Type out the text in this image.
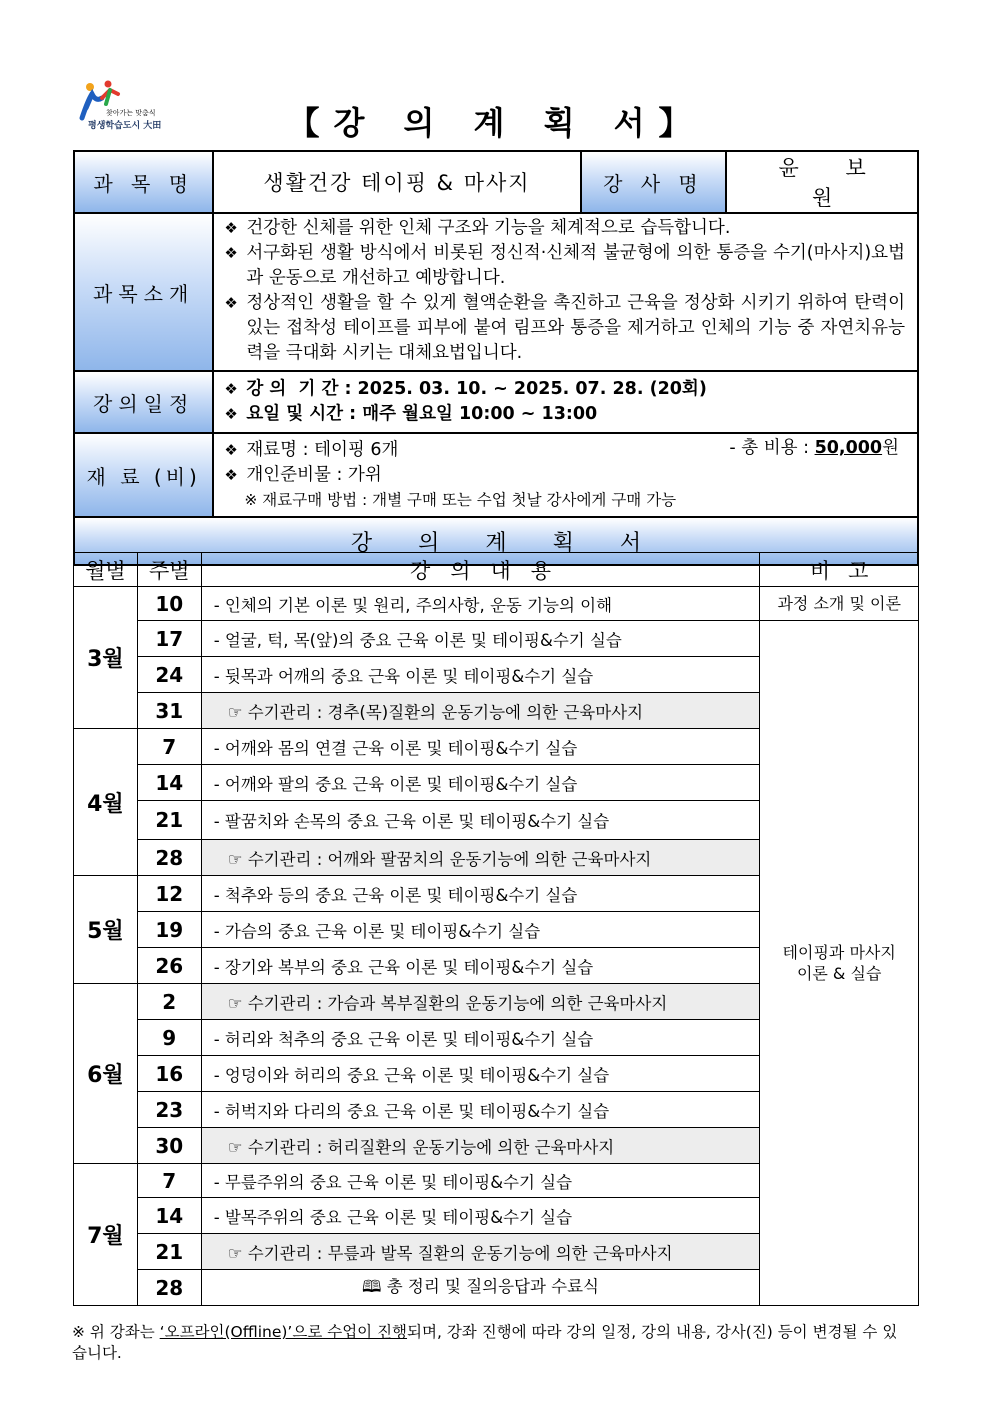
찾아가는 맞춤식
평생학습도시 大田	【강 의 계 획 서】
과 목 명	생활건강 테이핑 & 마사지	강 사 명	윤 보 원
과목소개	❖ 건강한 신체를 위한 인체 구조와 기능을 체계적으로 습득합니다.
❖ 서구화된 생활 방식에서 비롯된 정신적·신체적 불균형에 의한 통증을 수기(마사지)요법과 운동으로 개선하고 예방합니다.
❖ 정상적인 생활을 할 수 있게 혈액순환을 촉진하고 근육을 정상화 시키기 위하여 탄력이 있는 접착성 테이프를 피부에 붙여 림프와 통증을 제거하고 인체의 기능 중 자연치유능력을 극대화 시키는 대체요법입니다.

강의일정	❖ 강 의  기 간 : 2025. 03. 10. ~ 2025. 07. 28. (20회)
❖ 요일 및 시간 : 매주 월요일 10:00 ~ 13:00

재 료 (비)	❖ 재료명 : 테이핑 6개 - 총 비용 : 50,000원
❖ 개인준비물 : 가위
※ 재료구매 방법 : 개별 구매 또는 수업 첫날 강사에게 구매 가능

강의계획서			
월별	주별	강의내용	비고
3월	10	- 인체의 기본 이론 및 원리, 주의사항, 운동 기능의 이해	과정 소개 및 이론
	17	- 얼굴, 턱, 목(앞)의 중요 근육 이론 및 테이핑&수기 실습	테이핑과 마사지
이론 & 실습

	24	- 뒷목과 어깨의 중요 근육 이론 및 테이핑&수기 실습	
	31	☞ 수기관리 : 경추(목)질환의 운동기능에 의한 근육마사지	
4월	7	- 어깨와 몸의 연결 근육 이론 및 테이핑&수기 실습	
	14	- 어깨와 팔의 중요 근육 이론 및 테이핑&수기 실습	
	21	- 팔꿈치와 손목의 중요 근육 이론 및 테이핑&수기 실습	
	28	☞ 수기관리 : 어깨와 팔꿈치의 운동기능에 의한 근육마사지	
5월	12	- 척추와 등의 중요 근육 이론 및 테이핑&수기 실습	
	19	- 가슴의 중요 근육 이론 및 테이핑&수기 실습	
	26	- 장기와 복부의 중요 근육 이론 및 테이핑&수기 실습	
6월	2	☞ 수기관리 : 가슴과 복부질환의 운동기능에 의한 근육마사지	
	9	- 허리와 척추의 중요 근육 이론 및 테이핑&수기 실습	
	16	- 엉덩이와 허리의 중요 근육 이론 및 테이핑&수기 실습	
	23	- 허벅지와 다리의 중요 근육 이론 및 테이핑&수기 실습	
	30	☞ 수기관리 : 허리질환의 운동기능에 의한 근육마사지	
7월	7	- 무릎주위의 중요 근육 이론 및 테이핑&수기 실습	
	14	- 발목주위의 중요 근육 이론 및 테이핑&수기 실습	
	21	☞ 수기관리 : 무릎과 발목 질환의 운동기능에 의한 근육마사지	
	28	🕮 총 정리 및 질의응답과 수료식	
※ 위 강좌는 ‘오프라인(Offline)’으로 수업이 진행되며, 강좌 진행에 따라 강의 일정, 강의 내용, 강사(진) 등이 변경될 수 있습니다.
